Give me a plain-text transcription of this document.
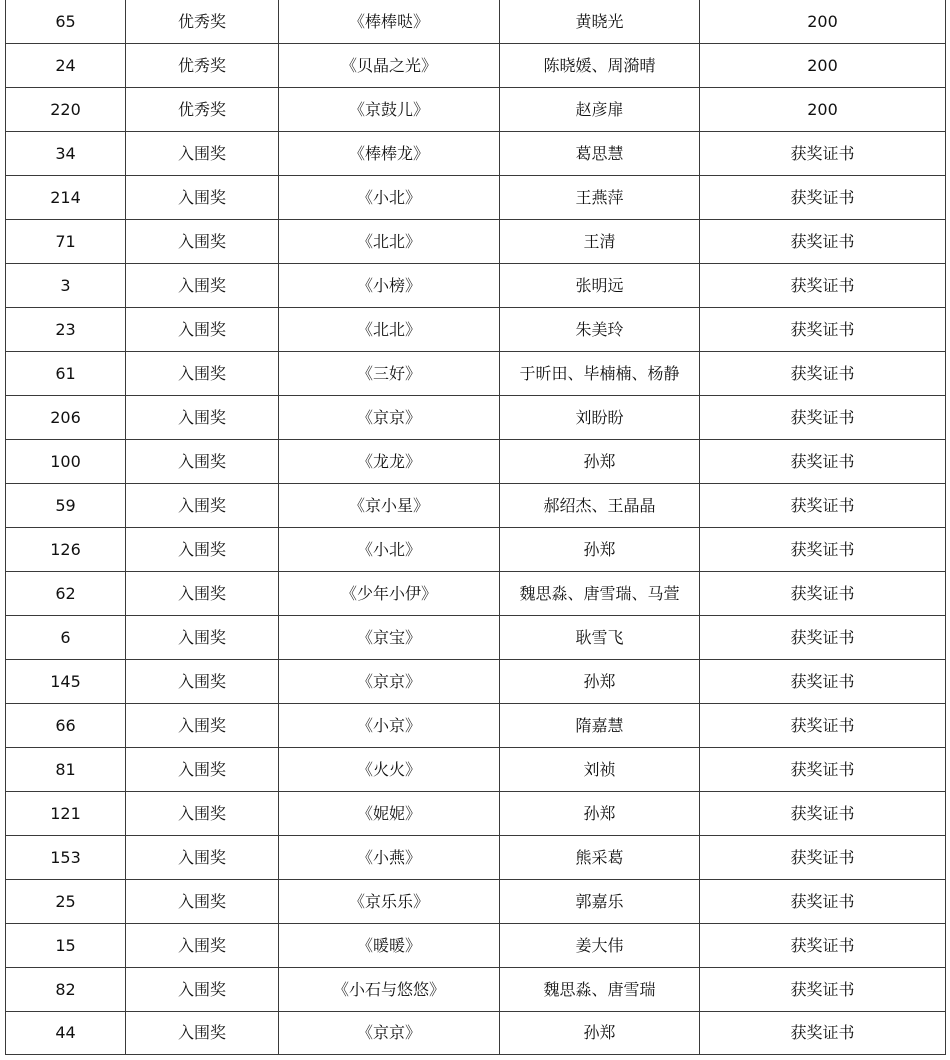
65	优秀奖	《棒棒哒》	黄晓光	200
24	优秀奖	《贝晶之光》	陈晓媛、周漪晴	200
220	优秀奖	《京鼓儿》	赵彦扉	200
34	入围奖	《棒棒龙》	葛思慧	获奖证书
214	入围奖	《小北》	王燕萍	获奖证书
71	入围奖	《北北》	王清	获奖证书
3	入围奖	《小榜》	张明远	获奖证书
23	入围奖	《北北》	朱美玲	获奖证书
61	入围奖	《三好》	于昕田、毕楠楠、杨静	获奖证书
206	入围奖	《京京》	刘盼盼	获奖证书
100	入围奖	《龙龙》	孙郑	获奖证书
59	入围奖	《京小星》	郝绍杰、王晶晶	获奖证书
126	入围奖	《小北》	孙郑	获奖证书
62	入围奖	《少年小伊》	魏思淼、唐雪瑞、马萱	获奖证书
6	入围奖	《京宝》	耿雪飞	获奖证书
145	入围奖	《京京》	孙郑	获奖证书
66	入围奖	《小京》	隋嘉慧	获奖证书
81	入围奖	《火火》	刘祯	获奖证书
121	入围奖	《妮妮》	孙郑	获奖证书
153	入围奖	《小燕》	熊采葛	获奖证书
25	入围奖	《京乐乐》	郭嘉乐	获奖证书
15	入围奖	《暖暖》	姜大伟	获奖证书
82	入围奖	《小石与悠悠》	魏思淼、唐雪瑞	获奖证书
44	入围奖	《京京》	孙郑	获奖证书
